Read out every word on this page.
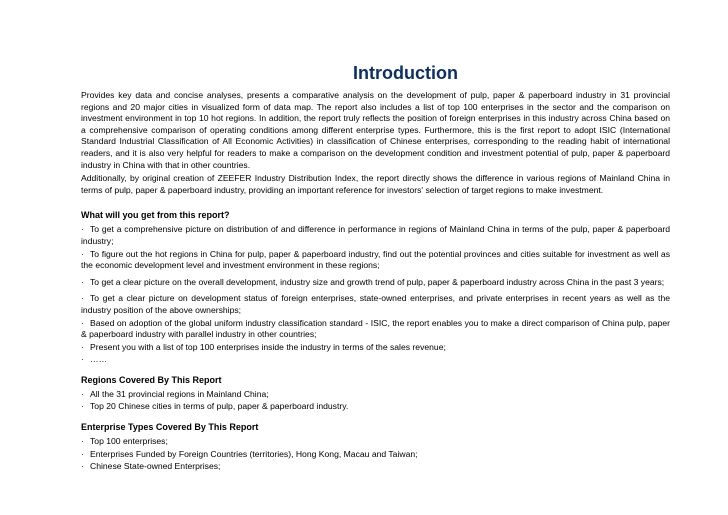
Introduction

Provides key data and concise analyses, presents a comparative analysis on the development of pulp, paper & paperboard industry in 31 provincial regions and 20 major cities in visualized form of data map. The report also includes a list of top 100 enterprises in the sector and the comparison on investment environment in top 10 hot regions. In addition, the report truly reflects the position of foreign enterprises in this industry across China based on a comprehensive comparison of operating conditions among different enterprise types. Furthermore, this is the first report to adopt ISIC (International Standard Industrial Classification of All Economic Activities) in classification of Chinese enterprises, corresponding to the reading habit of international readers, and it is also very helpful for readers to make a comparison on the development condition and investment potential of pulp, paper & paperboard industry in China with that in other countries.

Additionally, by original creation of ZEEFER Industry Distribution Index, the report directly shows the difference in various regions of Mainland China in terms of pulp, paper & paperboard industry, providing an important reference for investors' selection of target regions to make investment.

What will you get from this report?
· To get a comprehensive picture on distribution of and difference in performance in regions of Mainland China in terms of the pulp, paper & paperboard industry;
· To figure out the hot regions in China for pulp, paper & paperboard industry, find out the potential provinces and cities suitable for investment as well as the economic development level and investment environment in these regions;
· To get a clear picture on the overall development, industry size and growth trend of pulp, paper & paperboard industry across China in the past 3 years;
· To get a clear picture on development status of foreign enterprises, state-owned enterprises, and private enterprises in recent years as well as the industry position of the above ownerships;
· Based on adoption of the global uniform industry classification standard - ISIC, the report enables you to make a direct comparison of China pulp, paper & paperboard industry with parallel industry in other countries;
· Present you with a list of top 100 enterprises inside the industry in terms of the sales revenue;
· ……
Regions Covered By This Report
· All the 31 provincial regions in Mainland China;
· Top 20 Chinese cities in terms of pulp, paper & paperboard industry.
Enterprise Types Covered By This Report
· Top 100 enterprises;
· Enterprises Funded by Foreign Countries (territories), Hong Kong, Macau and Taiwan;
· Chinese State-owned Enterprises;
